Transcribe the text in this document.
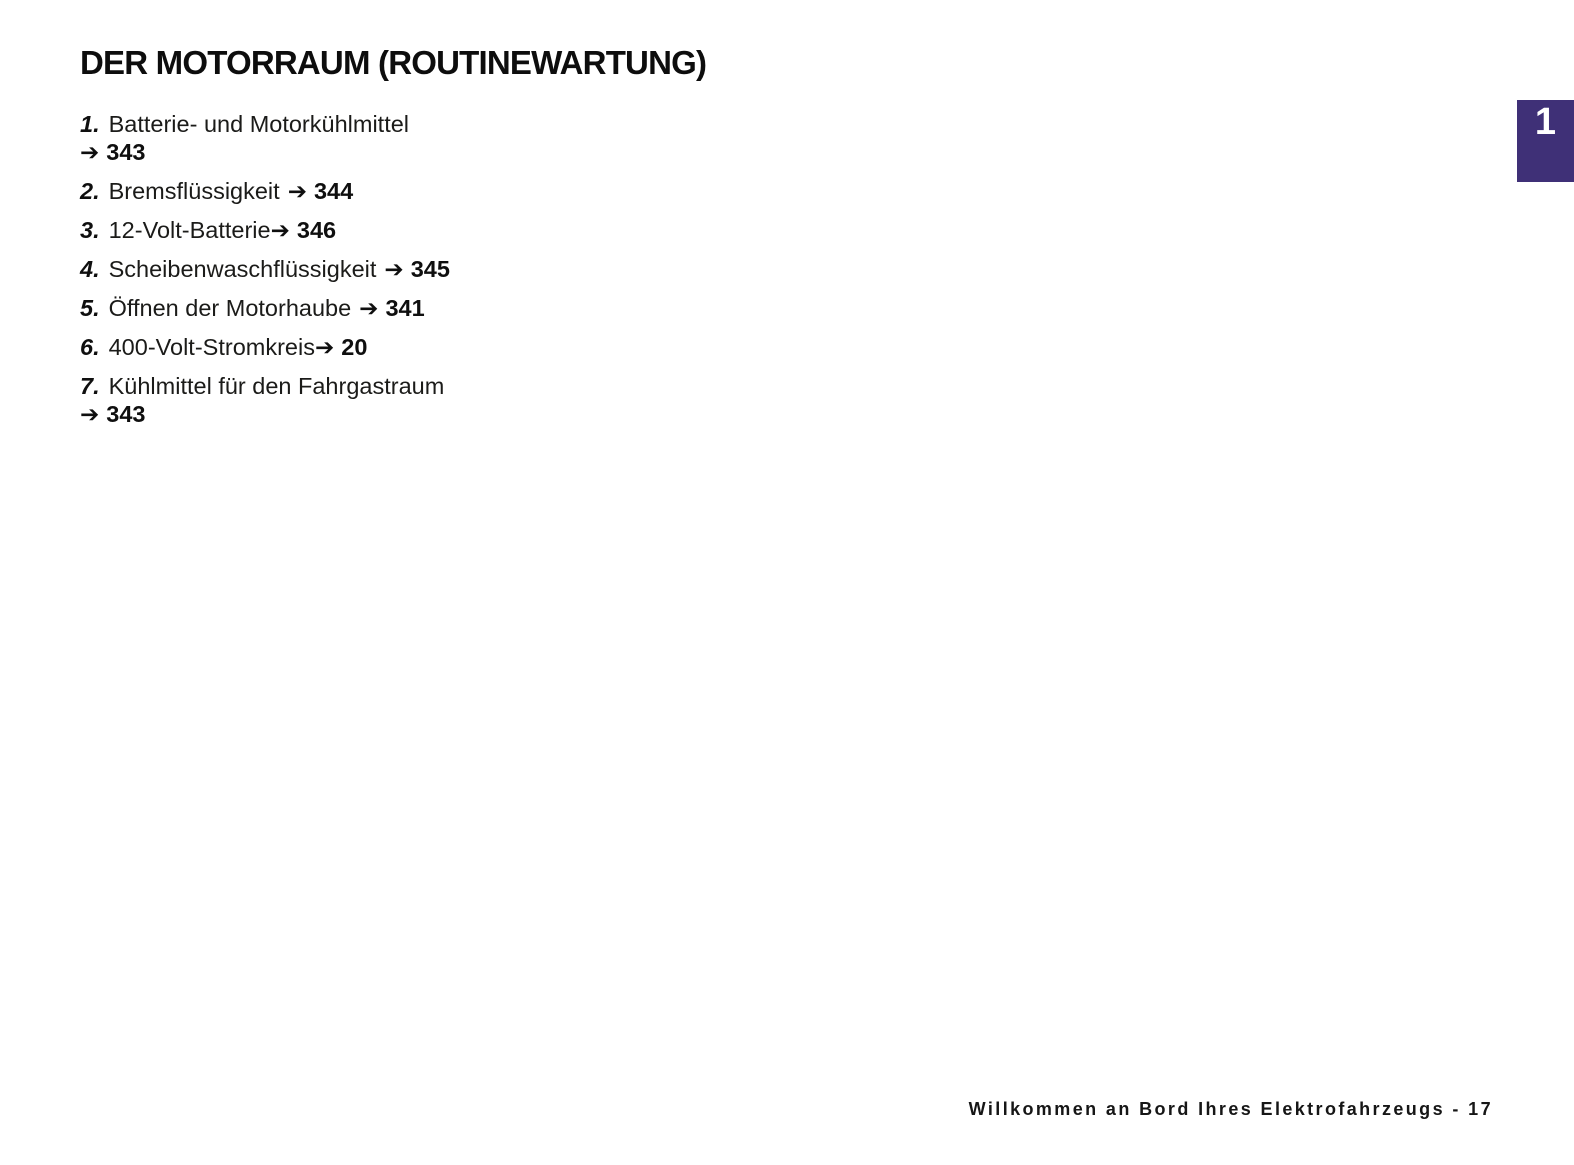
DER MOTORRAUM (ROUTINEWARTUNG)
1. Batterie- und Motorkühlmittel
➔ 343
2. Bremsflüssigkeit ➔ 344
3. 12-Volt-Batterie➔ 346
4. Scheibenwaschflüssigkeit ➔ 345
5. Öffnen der Motorhaube ➔ 341
6. 400-Volt-Stromkreis➔ 20
7. Kühlmittel für den Fahrgastraum
➔ 343
1
Willkommen an Bord Ihres Elektrofahrzeugs - 17
